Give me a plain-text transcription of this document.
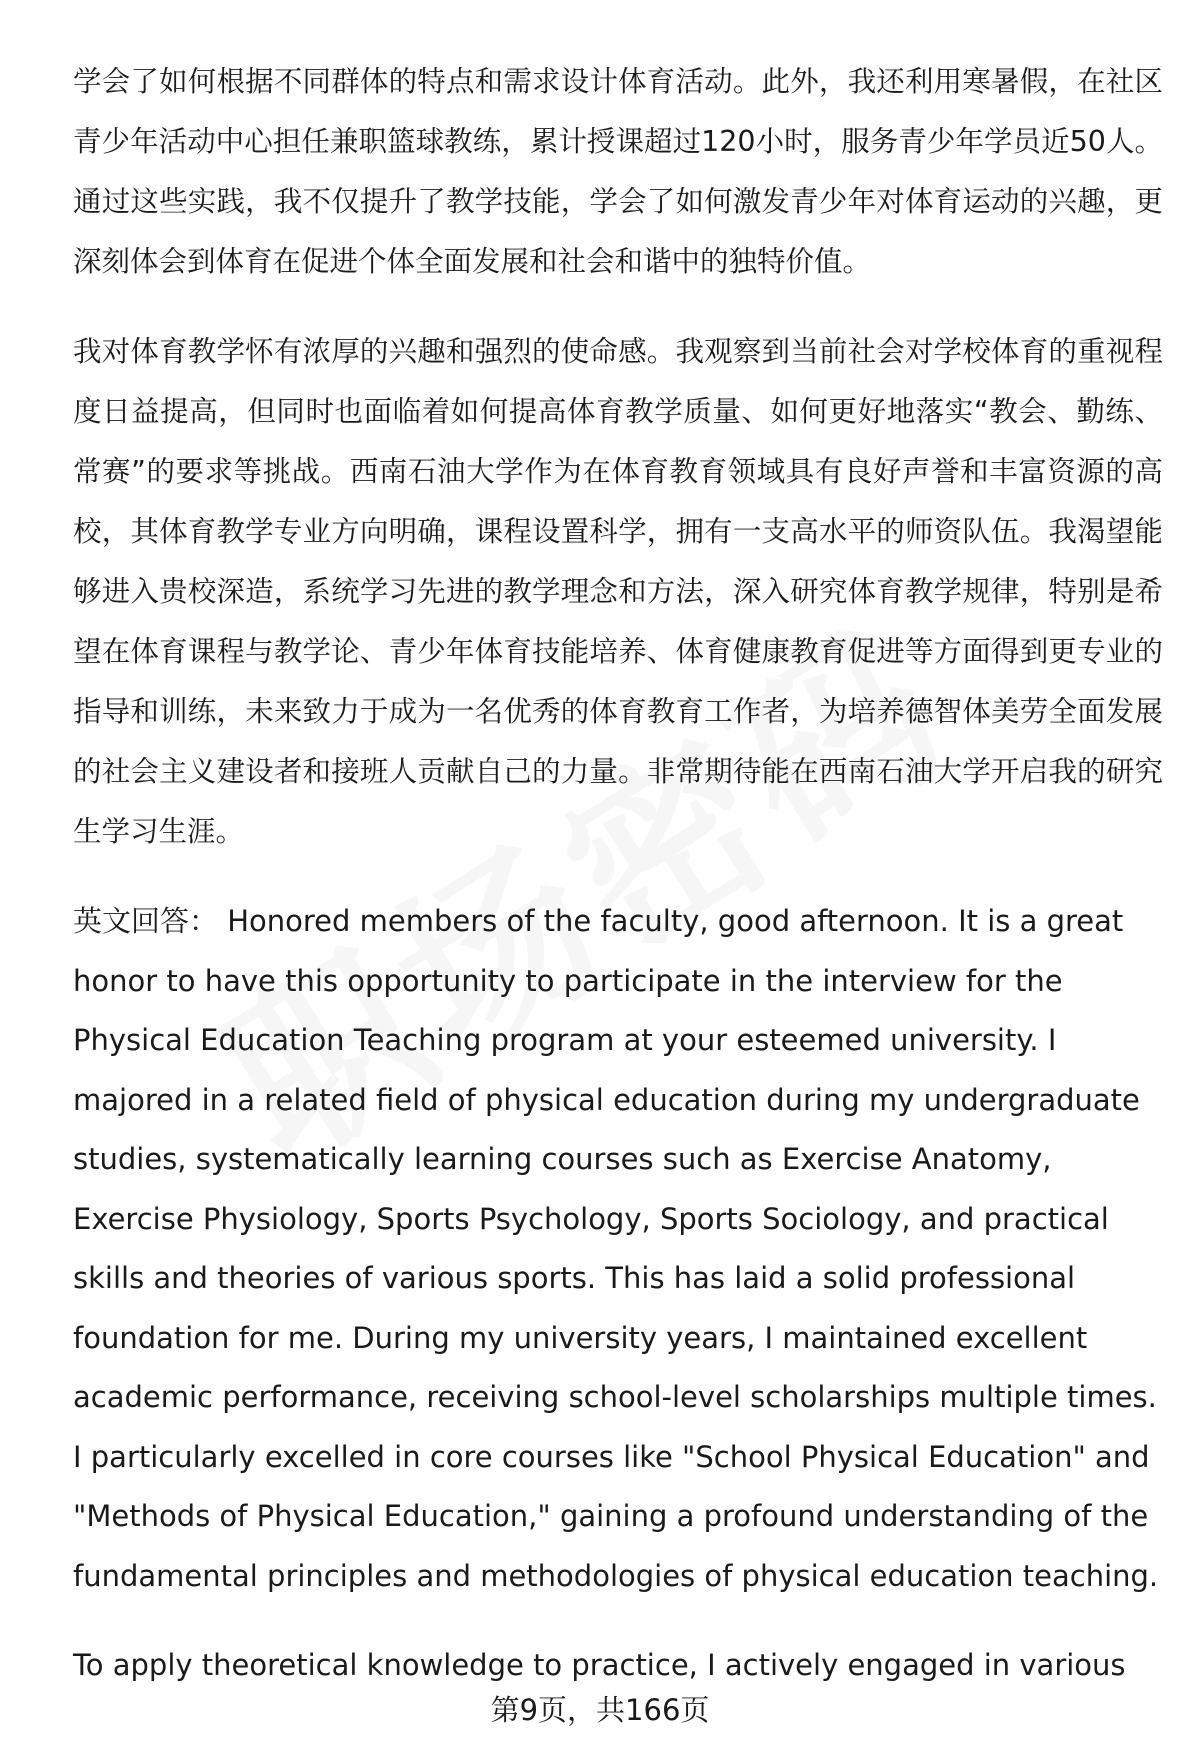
学会了如何根据不同群体的特点和需求设计体育活动。此外，我还利用寒暑假，在社区青少年活动中心担任兼职篮球教练，累计授课超过120小时，服务青少年学员近50人。通过这些实践，我不仅提升了教学技能，学会了如何激发青少年对体育运动的兴趣，更深刻体会到体育在促进个体全面发展和社会和谐中的独特价值。

我对体育教学怀有浓厚的兴趣和强烈的使命感。我观察到当前社会对学校体育的重视程度日益提高，但同时也面临着如何提高体育教学质量、如何更好地落实“教会、勤练、常赛”的要求等挑战。西南石油大学作为在体育教育领域具有良好声誉和丰富资源的高校，其体育教学专业方向明确，课程设置科学，拥有一支高水平的师资队伍。我渴望能够进入贵校深造，系统学习先进的教学理念和方法，深入研究体育教学规律，特别是希望在体育课程与教学论、青少年体育技能培养、体育健康教育促进等方面得到更专业的指导和训练，未来致力于成为一名优秀的体育教育工作者，为培养德智体美劳全面发展的社会主义建设者和接班人贡献自己的力量。非常期待能在西南石油大学开启我的研究生学习生涯。

英文回答： Honored members of the faculty, good afternoon. It is a great honor to have this opportunity to participate in the interview for the Physical Education Teaching program at your esteemed university. I majored in a related field of physical education during my undergraduate studies, systematically learning courses such as Exercise Anatomy, Exercise Physiology, Sports Psychology, Sports Sociology, and practical skills and theories of various sports. This has laid a solid professional foundation for me. During my university years, I maintained excellent academic performance, receiving school-level scholarships multiple times. I particularly excelled in core courses like "School Physical Education" and "Methods of Physical Education," gaining a profound understanding of the fundamental principles and methodologies of physical education teaching.

To apply theoretical knowledge to practice, I actively engaged in various

第9页，共166页
